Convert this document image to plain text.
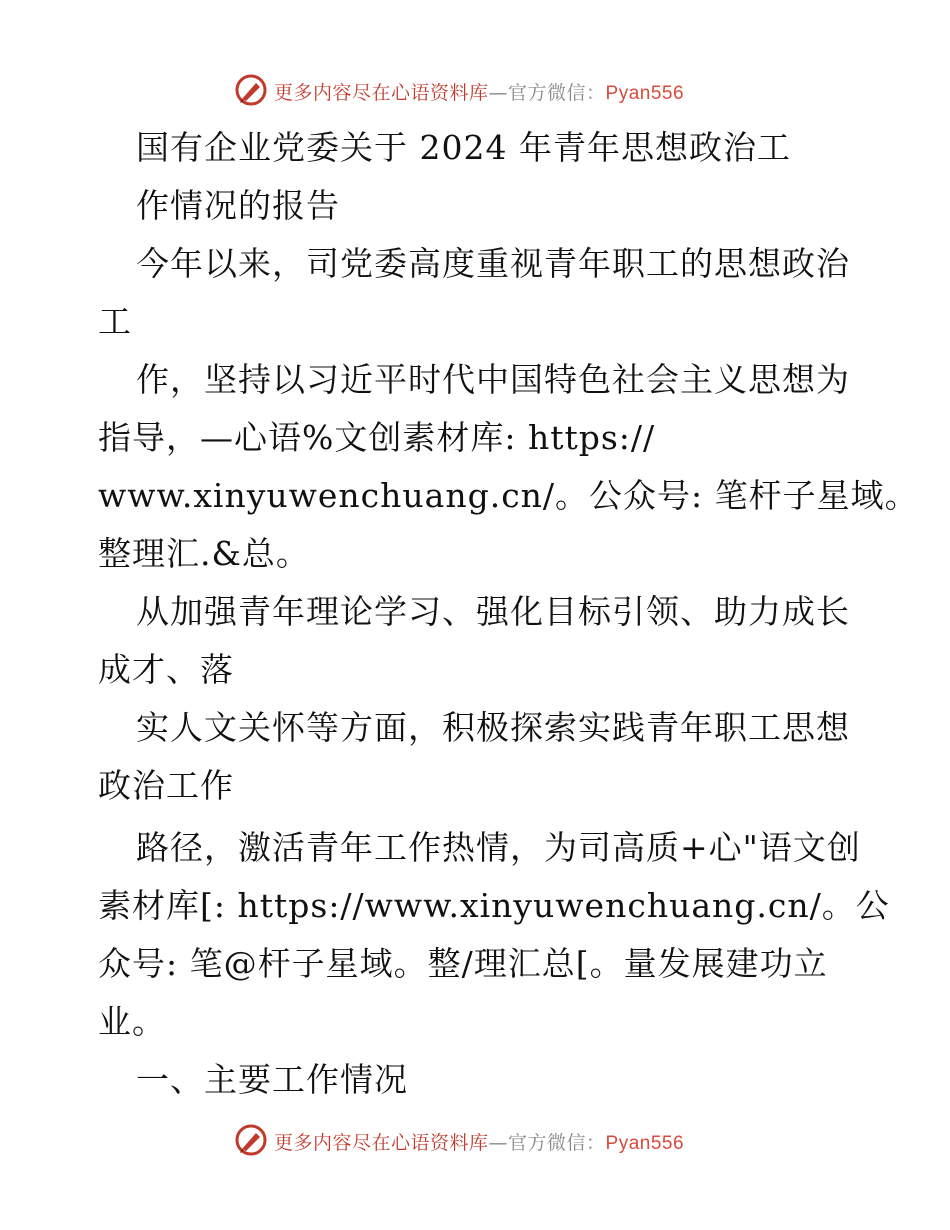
更多内容尽在心语资料库—官方微信：Pyan556
国有企业党委关于 2024 年青年思想政治工
作情况的报告
今年以来，司党委高度重视青年职工的思想政治
工
作，坚持以习近平时代中国特色社会主义思想为
指导，—心语%文创素材库: https://
www.xinyuwenchuang.cn/。公众号: 笔杆子星域。
整理汇.&总。
从加强青年理论学习、强化目标引领、助力成长
成才、落
实人文关怀等方面，积极探索实践青年职工思想
政治工作
路径，激活青年工作热情，为司高质+心"语文创
素材库[: https://www.xinyuwenchuang.cn/。公
众号: 笔@杆子星域。整/理汇总[。量发展建功立
业。
一、主要工作情况
更多内容尽在心语资料库—官方微信：Pyan556
